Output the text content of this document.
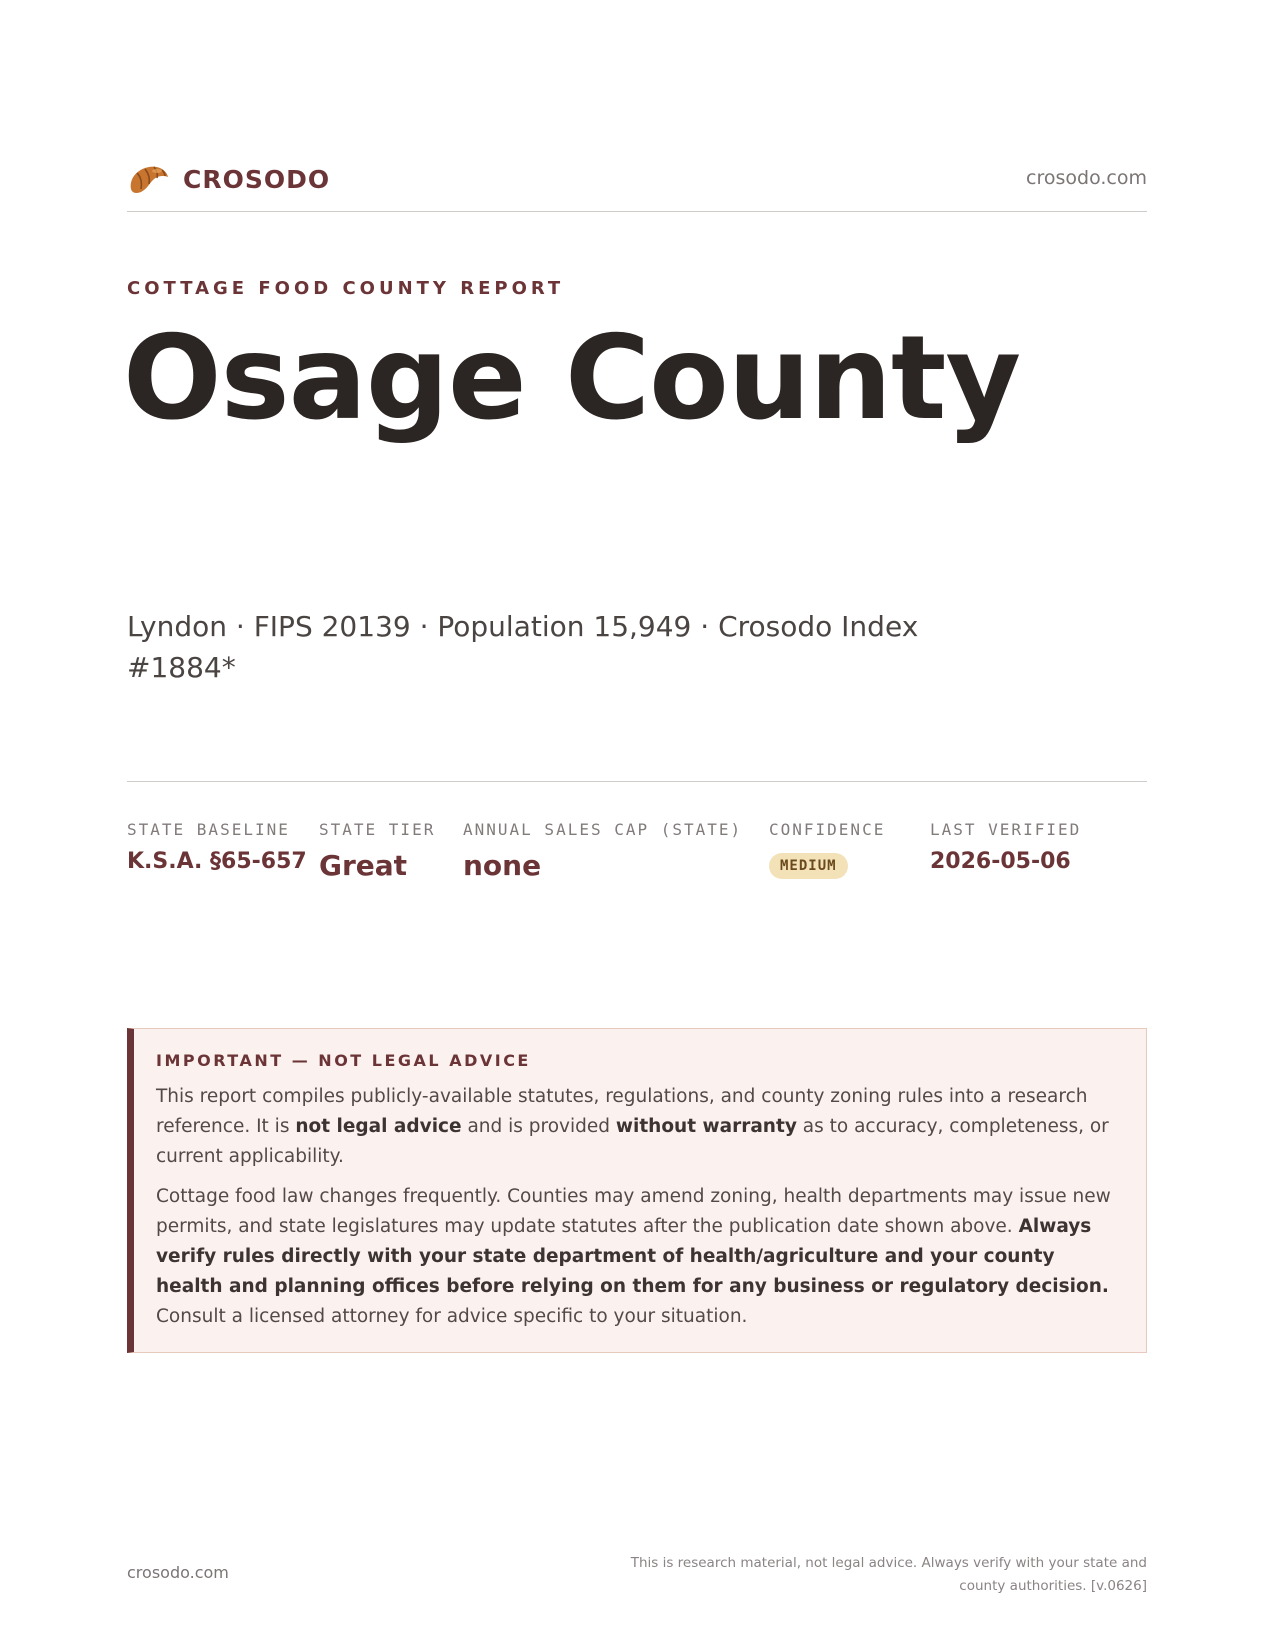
CROSODO	crosodo.com
COTTAGE FOOD COUNTY REPORT
Osage County
Lyndon · FIPS 20139 · Population 15,949 · Crosodo Index #1884*
STATE BASELINE
K.S.A. §65-657
STATE TIER
Great
ANNUAL SALES CAP (STATE)
none
CONFIDENCE
MEDIUM
LAST VERIFIED
2026-05-06
IMPORTANT — NOT LEGAL ADVICE

This report compiles publicly-available statutes, regulations, and county zoning rules into a research reference. It is not legal advice and is provided without warranty as to accuracy, completeness, or current applicability.

Cottage food law changes frequently. Counties may amend zoning, health departments may issue new permits, and state legislatures may update statutes after the publication date shown above. Always verify rules directly with your state department of health/agriculture and your county health and planning offices before relying on them for any business or regulatory decision. Consult a licensed attorney for advice specific to your situation.

crosodo.com	This is research material, not legal advice. Always verify with your state and county authorities. [v.0626]
